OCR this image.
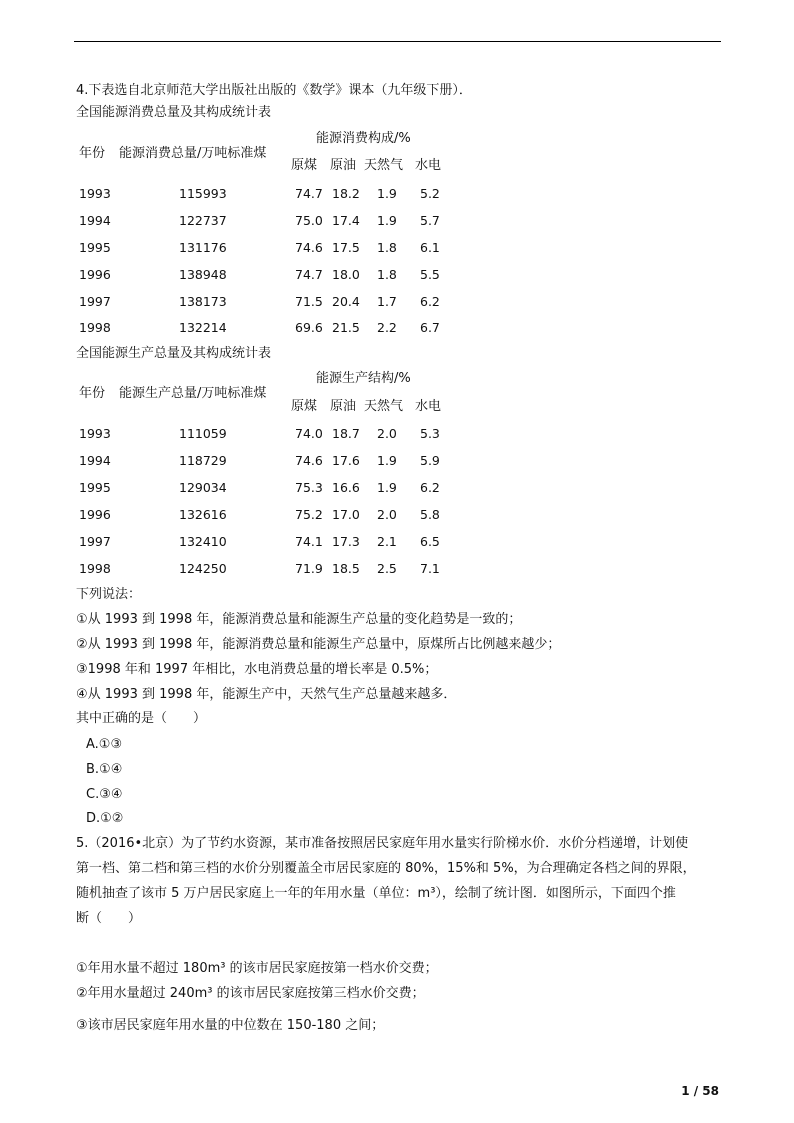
4.下表选自北京师范大学出版社出版的《数学》课本（九年级下册）．
全国能源消费总量及其构成统计表
能源消费构成/%
年份 能源消费总量/万吨标准煤
原煤 原油 天然气 水电
1993	115993	74.7 18.2 1.9 5.2
1994	122737	75.0 17.4 1.9 5.7
1995	131176	74.6 17.5 1.8 6.1
1996	138948	74.7 18.0 1.8 5.5
1997	138173	71.5 20.4 1.7 6.2
1998	132214	69.6 21.5 2.2 6.7
全国能源生产总量及其构成统计表
能源生产结构/%
年份 能源生产总量/万吨标准煤
原煤 原油 天然气 水电
1993	111059	74.0 18.7 2.0 5.3
1994	118729	74.6 17.6 1.9 5.9
1995	129034	75.3 16.6 1.9 6.2
1996	132616	75.2 17.0 2.0 5.8
1997	132410	74.1 17.3 2.1 6.5
1998	124250	71.9 18.5 2.5 7.1
下列说法：
①从 1993 到 1998 年，能源消费总量和能源生产总量的变化趋势是一致的；
②从 1993 到 1998 年，能源消费总量和能源生产总量中，原煤所占比例越来越少；
③1998 年和 1997 年相比，水电消费总量的增长率是 0.5%；
④从 1993 到 1998 年，能源生产中，天然气生产总量越来越多．
其中正确的是（　　）
A.①③
B.①④
C.③④
D.①②
5.（2016•北京）为了节约水资源，某市准备按照居民家庭年用水量实行阶梯水价．水价分档递增，计划使
第一档、第二档和第三档的水价分别覆盖全市居民家庭的 80%，15%和 5%，为合理确定各档之间的界限，
随机抽查了该市 5 万户居民家庭上一年的年用水量（单位：m³），绘制了统计图．如图所示，下面四个推
断（　　）
①年用水量不超过 180m³ 的该市居民家庭按第一档水价交费；
②年用水量超过 240m³ 的该市居民家庭按第三档水价交费；
③该市居民家庭年用水量的中位数在 150-180 之间；
1 / 58
